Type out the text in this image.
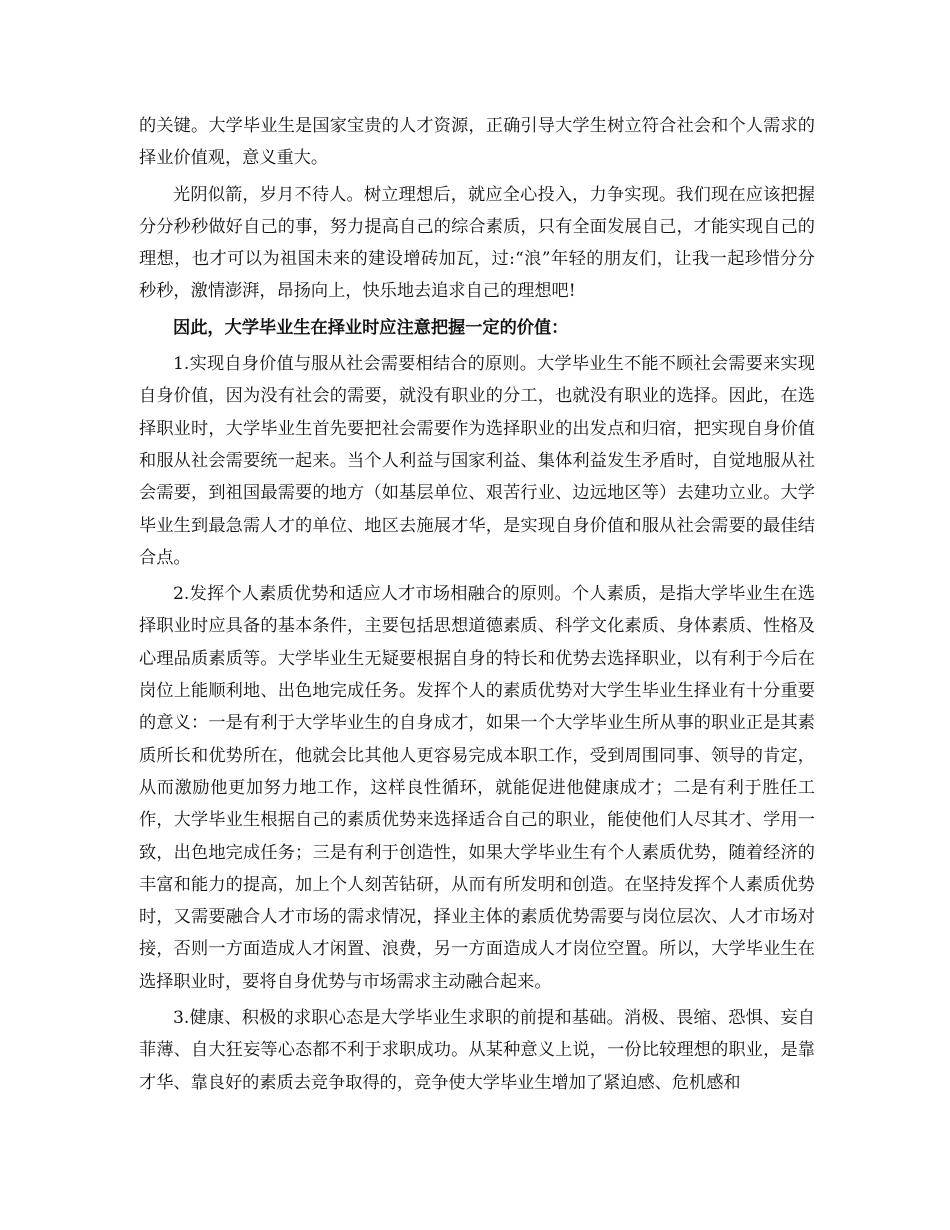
的关键。大学毕业生是国家宝贵的人才资源，正确引导大学生树立符合社会和个人需求的择业价值观，意义重大。

光阴似箭，岁月不待人。树立理想后，就应全心投入，力争实现。我们现在应该把握分分秒秒做好自己的事，努力提高自己的综合素质，只有全面发展自己，才能实现自己的理想，也才可以为祖国未来的建设增砖加瓦，过:“浪”年轻的朋友们，让我一起珍惜分分秒秒，激情澎湃，昂扬向上，快乐地去追求自己的理想吧!

因此，大学毕业生在择业时应注意把握一定的价值：

1.实现自身价值与服从社会需要相结合的原则。大学毕业生不能不顾社会需要来实现自身价值，因为没有社会的需要，就没有职业的分工，也就没有职业的选择。因此，在选择职业时，大学毕业生首先要把社会需要作为选择职业的出发点和归宿，把实现自身价值和服从社会需要统一起来。当个人利益与国家利益、集体利益发生矛盾时，自觉地服从社会需要，到祖国最需要的地方（如基层单位、艰苦行业、边远地区等）去建功立业。大学毕业生到最急需人才的单位、地区去施展才华，是实现自身价值和服从社会需要的最佳结合点。

2.发挥个人素质优势和适应人才市场相融合的原则。个人素质，是指大学毕业生在选择职业时应具备的基本条件，主要包括思想道德素质、科学文化素质、身体素质、性格及心理品质素质等。大学毕业生无疑要根据自身的特长和优势去选择职业，以有利于今后在岗位上能顺利地、出色地完成任务。发挥个人的素质优势对大学生毕业生择业有十分重要的意义：一是有利于大学毕业生的自身成才，如果一个大学毕业生所从事的职业正是其素质所长和优势所在，他就会比其他人更容易完成本职工作，受到周围同事、领导的肯定，从而激励他更加努力地工作，这样良性循环，就能促进他健康成才；二是有利于胜任工作，大学毕业生根据自己的素质优势来选择适合自己的职业，能使他们人尽其才、学用一致，出色地完成任务；三是有利于创造性，如果大学毕业生有个人素质优势，随着经济的丰富和能力的提高，加上个人刻苦钻研，从而有所发明和创造。在坚持发挥个人素质优势时，又需要融合人才市场的需求情况，择业主体的素质优势需要与岗位层次、人才市场对接，否则一方面造成人才闲置、浪费，另一方面造成人才岗位空置。所以，大学毕业生在选择职业时，要将自身优势与市场需求主动融合起来。

3.健康、积极的求职心态是大学毕业生求职的前提和基础。消极、畏缩、恐惧、妄自菲薄、自大狂妄等心态都不利于求职成功。从某种意义上说，一份比较理想的职业，是靠才华、靠良好的素质去竞争取得的，竞争使大学毕业生增加了紧迫感、危机感和
